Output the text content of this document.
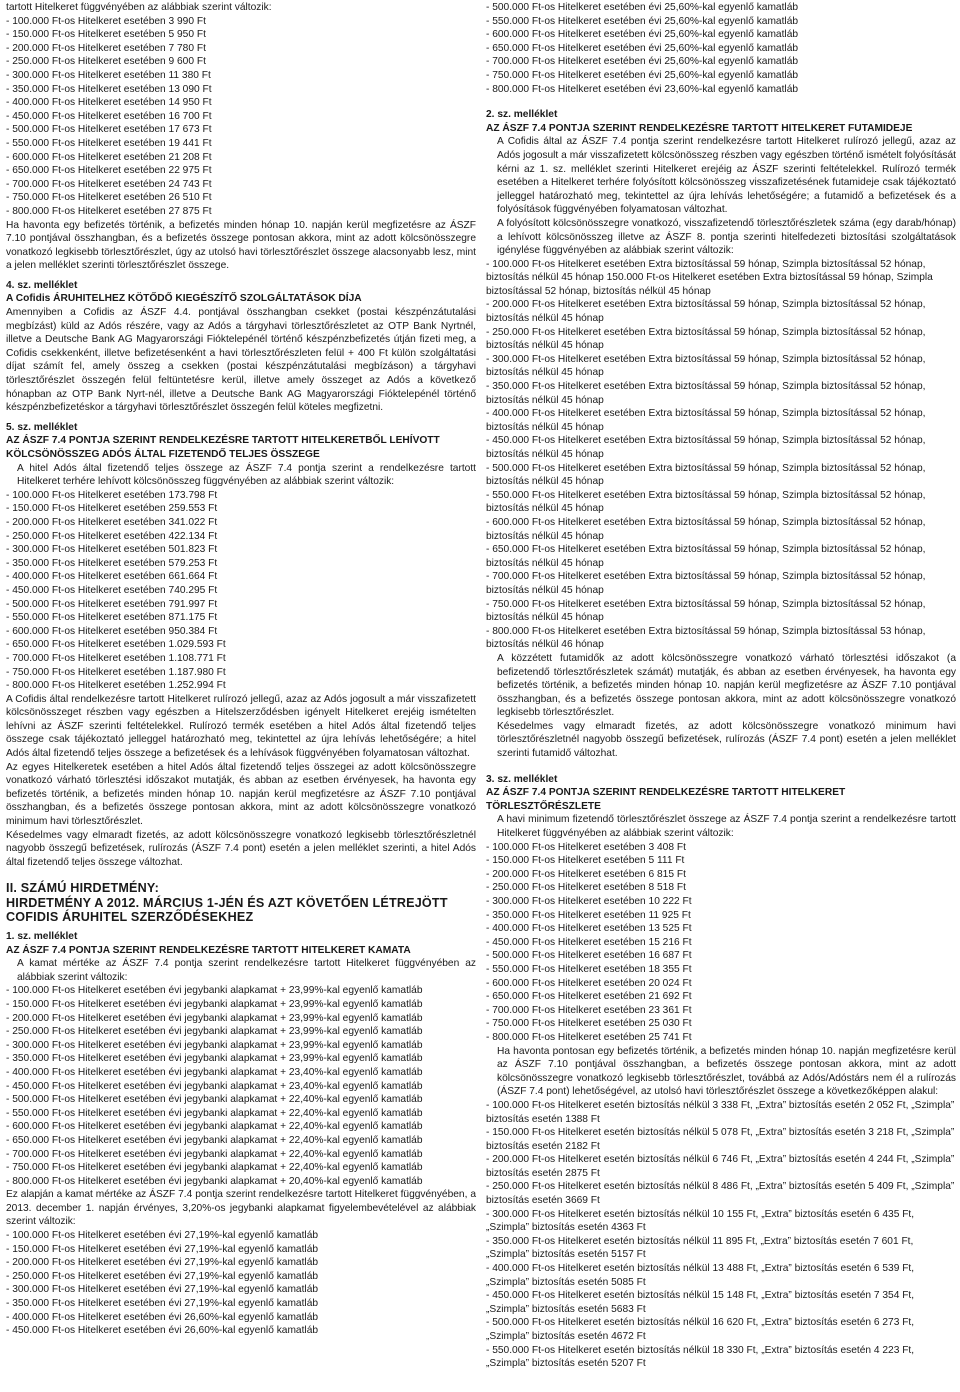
tartott Hitelkeret függvényében az alábbiak szerint változik:
- 100.000 Ft-os Hitelkeret esetében 3 990 Ft
- 150.000 Ft-os Hitelkeret esetében 5 950 Ft
- 200.000 Ft-os Hitelkeret esetében 7 780 Ft
- 250.000 Ft-os Hitelkeret esetében 9 600 Ft
- 300.000 Ft-os Hitelkeret esetében 11 380 Ft
- 350.000 Ft-os Hitelkeret esetében 13 090 Ft
- 400.000 Ft-os Hitelkeret esetében 14 950 Ft
- 450.000 Ft-os Hitelkeret esetében 16 700 Ft
- 500.000 Ft-os Hitelkeret esetében 17 673 Ft
- 550.000 Ft-os Hitelkeret esetében 19 441 Ft
- 600.000 Ft-os Hitelkeret esetében 21 208 Ft
- 650.000 Ft-os Hitelkeret esetében 22 975 Ft
- 700.000 Ft-os Hitelkeret esetében 24 743 Ft
- 750.000 Ft-os Hitelkeret esetében 26 510 Ft
- 800.000 Ft-os Hitelkeret esetében 27 875 Ft
Ha havonta egy befizetés történik, a befizetés minden hónap 10. napján kerül megfizetésre az ÁSZF 7.10 pontjával összhangban, és a befizetés összege pontosan akkora, mint az adott kölcsönösszegre vonatkozó legkisebb törlesztőrészlet, úgy az utolsó havi törlesztőrészlet összege alacsonyabb lesz, mint a jelen melléklet szerinti törlesztőrészlet összege.
4. sz. melléklet
A Cofidis ÁRUHITELHEZ KÖTŐDŐ KIEGÉSZÍTŐ SZOLGÁLTATÁSOK DÍJA
Amennyiben a Cofidis az ÁSZF 4.4. pontjával összhangban csekket (postai készpénzátutalási megbízást) küld az Adós részére, vagy az Adós a tárgyhavi törlesztőrészletet az OTP Bank Nyrtnél, illetve a Deutsche Bank AG Magyarországi Fióktelepénél történő készpénzbefizetés útján fizeti meg, a Cofidis csekkenként, illetve befizetésenként a havi törlesztőrészleten felül + 400 Ft külön szolgáltatási díjat számít fel, amely összeg a csekken (postai készpénzátutalási megbízáson) a tárgyhavi törlesztőrészlet összegén felül feltüntetésre kerül, illetve amely összeget az Adós a következő hónapban az OTP Bank Nyrt-nél, illetve a Deutsche Bank AG Magyarországi Fióktelepénél történő készpénzbefizetéskor a tárgyhavi törlesztőrészlet összegén felül köteles megfizetni.
5. sz. melléklet
AZ ÁSZF 7.4 PONTJA SZERINT RENDELKEZÉSRE TARTOTT HITELKERETBŐL LEHÍVOTT KÖLCSÖNÖSSZEG ADÓS ÁLTAL FIZETENDŐ TELJES ÖSSZEGE
A hitel Adós által fizetendő teljes összege az ÁSZF 7.4 pontja szerint a rendelkezésre tartott Hitelkeret terhére lehívott kölcsönösszeg függvényében az alábbiak szerint változik:
- 100.000 Ft-os Hitelkeret esetében 173.798 Ft
- 150.000 Ft-os Hitelkeret esetében 259.553 Ft
- 200.000 Ft-os Hitelkeret esetében 341.022 Ft
- 250.000 Ft-os Hitelkeret esetében 422.134 Ft
- 300.000 Ft-os Hitelkeret esetében 501.823 Ft
- 350.000 Ft-os Hitelkeret esetében 579.253 Ft
- 400.000 Ft-os Hitelkeret esetében 661.664 Ft
- 450.000 Ft-os Hitelkeret esetében 740.295 Ft
- 500.000 Ft-os Hitelkeret esetében 791.997 Ft
- 550.000 Ft-os Hitelkeret esetében 871.175 Ft
- 600.000 Ft-os Hitelkeret esetében 950.384 Ft
- 650.000 Ft-os Hitelkeret esetében 1.029.593 Ft
- 700.000 Ft-os Hitelkeret esetében 1.108.771 Ft
- 750.000 Ft-os Hitelkeret esetében 1.187.980 Ft
- 800.000 Ft-os Hitelkeret esetében 1.252.994 Ft
A Cofidis által rendelkezésre tartott Hitelkeret rulírozó jellegű, azaz az Adós jogosult a már visszafizetett kölcsönösszeget részben vagy egészben a Hitelszerződésben igényelt Hitelkeret erejéig ismételten lehívni az ÁSZF szerinti feltételekkel. Rulírozó termék esetében a hitel Adós által fizetendő teljes összege csak tájékoztató jelleggel határozható meg, tekintettel az újra lehívás lehetőségére; a hitel Adós által fizetendő teljes összege a befizetések és a lehívások függvényében folyamatosan változhat.
Az egyes Hitelkeretek esetében a hitel Adós által fizetendő teljes összegei az adott kölcsönösszegre vonatkozó várható törlesztési időszakot mutatják, és abban az esetben érvényesek, ha havonta egy befizetés történik, a befizetés minden hónap 10. napján kerül megfizetésre az ÁSZF 7.10 pontjával összhangban, és a befizetés összege pontosan akkora, mint az adott kölcsönösszegre vonatkozó minimum havi törlesztőrészlet.
Késedelmes vagy elmaradt fizetés, az adott kölcsönösszegre vonatkozó legkisebb törlesztőrészletnél nagyobb összegű befizetések, rulírozás (ÁSZF 7.4 pont) esetén a jelen melléklet szerinti, a hitel Adós által fizetendő teljes összege változhat.
II. SZÁMÚ HIRDETMÉNY:
HIRDETMÉNY A 2012. MÁRCIUS 1-JÉN ÉS AZT KÖVETŐEN LÉTREJÖTT COFIDIS ÁRUHITEL SZERZŐDÉSEKHEZ
1. sz. melléklet
AZ ÁSZF 7.4 PONTJA SZERINT RENDELKEZÉSRE TARTOTT HITELKERET KAMATA
A kamat mértéke az ÁSZF 7.4 pontja szerint rendelkezésre tartott Hitelkeret függvényében az alábbiak szerint változik:
- 100.000 Ft-os Hitelkeret esetében évi jegybanki alapkamat + 23,99%-kal egyenlő kamatláb
- 150.000 Ft-os Hitelkeret esetében évi jegybanki alapkamat + 23,99%-kal egyenlő kamatláb
- 200.000 Ft-os Hitelkeret esetében évi jegybanki alapkamat + 23,99%-kal egyenlő kamatláb
- 250.000 Ft-os Hitelkeret esetében évi jegybanki alapkamat + 23,99%-kal egyenlő kamatláb
- 300.000 Ft-os Hitelkeret esetében évi jegybanki alapkamat + 23,99%-kal egyenlő kamatláb
- 350.000 Ft-os Hitelkeret esetében évi jegybanki alapkamat + 23,99%-kal egyenlő kamatláb
- 400.000 Ft-os Hitelkeret esetében évi jegybanki alapkamat + 23,40%-kal egyenlő kamatláb
- 450.000 Ft-os Hitelkeret esetében évi jegybanki alapkamat + 23,40%-kal egyenlő kamatláb
- 500.000 Ft-os Hitelkeret esetében évi jegybanki alapkamat + 22,40%-kal egyenlő kamatláb
- 550.000 Ft-os Hitelkeret esetében évi jegybanki alapkamat + 22,40%-kal egyenlő kamatláb
- 600.000 Ft-os Hitelkeret esetében évi jegybanki alapkamat + 22,40%-kal egyenlő kamatláb
- 650.000 Ft-os Hitelkeret esetében évi jegybanki alapkamat + 22,40%-kal egyenlő kamatláb
- 700.000 Ft-os Hitelkeret esetében évi jegybanki alapkamat + 22,40%-kal egyenlő kamatláb
- 750.000 Ft-os Hitelkeret esetében évi jegybanki alapkamat + 22,40%-kal egyenlő kamatláb
- 800.000 Ft-os Hitelkeret esetében évi jegybanki alapkamat + 20,40%-kal egyenlő kamatláb
Ez alapján a kamat mértéke az ÁSZF 7.4 pontja szerint rendelkezésre tartott Hitelkeret függvényében, a 2013. december 1. napján érvényes, 3,20%-os jegybanki alapkamat figyelembevételével az alábbiak szerint változik:
- 100.000 Ft-os Hitelkeret esetében évi 27,19%-kal egyenlő kamatláb
- 150.000 Ft-os Hitelkeret esetében évi 27,19%-kal egyenlő kamatláb
- 200.000 Ft-os Hitelkeret esetében évi 27,19%-kal egyenlő kamatláb
- 250.000 Ft-os Hitelkeret esetében évi 27,19%-kal egyenlő kamatláb
- 300.000 Ft-os Hitelkeret esetében évi 27,19%-kal egyenlő kamatláb
- 350.000 Ft-os Hitelkeret esetében évi 27,19%-kal egyenlő kamatláb
- 400.000 Ft-os Hitelkeret esetében évi 26,60%-kal egyenlő kamatláb
- 450.000 Ft-os Hitelkeret esetében évi 26,60%-kal egyenlő kamatláb
- 500.000 Ft-os Hitelkeret esetében évi 25,60%-kal egyenlő kamatláb
- 550.000 Ft-os Hitelkeret esetében évi 25,60%-kal egyenlő kamatláb
- 600.000 Ft-os Hitelkeret esetében évi 25,60%-kal egyenlő kamatláb
- 650.000 Ft-os Hitelkeret esetében évi 25,60%-kal egyenlő kamatláb
- 700.000 Ft-os Hitelkeret esetében évi 25,60%-kal egyenlő kamatláb
- 750.000 Ft-os Hitelkeret esetében évi 25,60%-kal egyenlő kamatláb
- 800.000 Ft-os Hitelkeret esetében évi 23,60%-kal egyenlő kamatláb
2. sz. melléklet
AZ ÁSZF 7.4 PONTJA SZERINT RENDELKEZÉSRE TARTOTT HITELKERET FUTAMIDEJE
A Cofidis által az ÁSZF 7.4 pontja szerint rendelkezésre tartott Hitelkeret rulírozó jellegű, azaz az Adós jogosult a már visszafizetett kölcsönösszeg részben vagy egészben történő ismételt folyósítását kérni az 1. sz. melléklet szerinti Hitelkeret erejéig az ÁSZF szerinti feltételekkel. Rulírozó termék esetében a Hitelkeret terhére folyósított kölcsönösszeg visszafizetésének futamideje csak tájékoztató jelleggel határozható meg, tekintettel az újra lehívás lehetőségére; a futamidő a befizetések és a folyósítások függvényében folyamatosan változhat.
A folyósított kölcsönösszegre vonatkozó, visszafizetendő törlesztőrészletek száma (egy darab/hónap) a lehívott kölcsönösszeg illetve az ÁSZF 8. pontja szerinti hitelfedezeti biztosítási szolgáltatások igénylése függvényében az alábbiak szerint változik:
- 100.000 Ft-os Hitelkeret esetében Extra biztosítással 59 hónap, Szimpla biztosítással 52 hónap, biztosítás nélkül 45 hónap 150.000 Ft-os Hitelkeret esetében Extra biztosítással 59 hónap, Szimpla biztosítással 52 hónap, biztosítás nélkül 45 hónap
- 200.000 Ft-os Hitelkeret esetében Extra biztosítással 59 hónap, Szimpla biztosítással 52 hónap, biztosítás nélkül 45 hónap
- 250.000 Ft-os Hitelkeret esetében Extra biztosítással 59 hónap, Szimpla biztosítással 52 hónap, biztosítás nélkül 45 hónap
- 300.000 Ft-os Hitelkeret esetében Extra biztosítással 59 hónap, Szimpla biztosítással 52 hónap, biztosítás nélkül 45 hónap
- 350.000 Ft-os Hitelkeret esetében Extra biztosítással 59 hónap, Szimpla biztosítással 52 hónap, biztosítás nélkül 45 hónap
- 400.000 Ft-os Hitelkeret esetében Extra biztosítással 59 hónap, Szimpla biztosítással 52 hónap, biztosítás nélkül 45 hónap
- 450.000 Ft-os Hitelkeret esetében Extra biztosítással 59 hónap, Szimpla biztosítással 52 hónap, biztosítás nélkül 45 hónap
- 500.000 Ft-os Hitelkeret esetében Extra biztosítással 59 hónap, Szimpla biztosítással 52 hónap, biztosítás nélkül 45 hónap
- 550.000 Ft-os Hitelkeret esetében Extra biztosítással 59 hónap, Szimpla biztosítással 52 hónap, biztosítás nélkül 45 hónap
- 600.000 Ft-os Hitelkeret esetében Extra biztosítással 59 hónap, Szimpla biztosítással 52 hónap, biztosítás nélkül 45 hónap
- 650.000 Ft-os Hitelkeret esetében Extra biztosítással 59 hónap, Szimpla biztosítással 52 hónap, biztosítás nélkül 45 hónap
- 700.000 Ft-os Hitelkeret esetében Extra biztosítással 59 hónap, Szimpla biztosítással 52 hónap, biztosítás nélkül 45 hónap
- 750.000 Ft-os Hitelkeret esetében Extra biztosítással 59 hónap, Szimpla biztosítással 52 hónap, biztosítás nélkül 45 hónap
- 800.000 Ft-os Hitelkeret esetében Extra biztosítással 59 hónap, Szimpla biztosítással 53 hónap, biztosítás nélkül 46 hónap
A közzétett futamidők az adott kölcsönösszegre vonatkozó várható törlesztési időszakot (a befizetendő törlesztőrészletek számát) mutatják, és abban az esetben érvényesek, ha havonta egy befizetés történik, a befizetés minden hónap 10. napján kerül megfizetésre az ÁSZF 7.10 pontjával összhangban, és a befizetés összege pontosan akkora, mint az adott kölcsönösszegre vonatkozó legkisebb törlesztőrészlet.
Késedelmes vagy elmaradt fizetés, az adott kölcsönösszegre vonatkozó minimum havi törlesztőrészletnél nagyobb összegű befizetések, rulírozás (ÁSZF 7.4 pont) esetén a jelen melléklet szerinti futamidő változhat.
3. sz. melléklet
AZ ÁSZF 7.4 PONTJA SZERINT RENDELKEZÉSRE TARTOTT HITELKERET TÖRLESZTŐRÉSZLETE
A havi minimum fizetendő törlesztőrészlet összege az ÁSZF 7.4 pontja szerint a rendelkezésre tartott Hitelkeret függvényében az alábbiak szerint változik:
- 100.000 Ft-os Hitelkeret esetében 3 408 Ft
- 150.000 Ft-os Hitelkeret esetében 5 111 Ft
- 200.000 Ft-os Hitelkeret esetében 6 815 Ft
- 250.000 Ft-os Hitelkeret esetében 8 518 Ft
- 300.000 Ft-os Hitelkeret esetében 10 222 Ft
- 350.000 Ft-os Hitelkeret esetében 11 925 Ft
- 400.000 Ft-os Hitelkeret esetében 13 525 Ft
- 450.000 Ft-os Hitelkeret esetében 15 216 Ft
- 500.000 Ft-os Hitelkeret esetében 16 687 Ft
- 550.000 Ft-os Hitelkeret esetében 18 355 Ft
- 600.000 Ft-os Hitelkeret esetében 20 024 Ft
- 650.000 Ft-os Hitelkeret esetében 21 692 Ft
- 700.000 Ft-os Hitelkeret esetében 23 361 Ft
- 750.000 Ft-os Hitelkeret esetében 25 030 Ft
- 800.000 Ft-os Hitelkeret esetében 25 741 Ft
Ha havonta pontosan egy befizetés történik, a befizetés minden hónap 10. napján megfizetésre kerül az ÁSZF 7.10 pontjával összhangban, a befizetés összege pontosan akkora, mint az adott kölcsönösszegre vonatkozó legkisebb törlesztőrészlet, továbbá az Adós/Adóstárs nem él a rulírozás (ÁSZF 7.4 pont) lehetőségével, az utolsó havi törlesztőrészlet összege a következőképpen alakul:
- 100.000 Ft-os Hitelkeret esetén biztosítás nélkül 3 338 Ft, „Extra” biztosítás esetén 2 052 Ft, „Szimpla” biztosítás esetén 1388 Ft
- 150.000 Ft-os Hitelkeret esetén biztosítás nélkül 5 078 Ft, „Extra” biztosítás esetén 3 218 Ft, „Szimpla” biztosítás esetén 2182 Ft
- 200.000 Ft-os Hitelkeret esetén biztosítás nélkül 6 746 Ft, „Extra” biztosítás esetén 4 244 Ft, „Szimpla” biztosítás esetén 2875 Ft
- 250.000 Ft-os Hitelkeret esetén biztosítás nélkül 8 486 Ft, „Extra” biztosítás esetén 5 409 Ft, „Szimpla” biztosítás esetén 3669 Ft
- 300.000 Ft-os Hitelkeret esetén biztosítás nélkül 10 155 Ft, „Extra” biztosítás esetén 6 435 Ft, „Szimpla” biztosítás esetén 4363 Ft
- 350.000 Ft-os Hitelkeret esetén biztosítás nélkül 11 895 Ft, „Extra” biztosítás esetén 7 601 Ft, „Szimpla” biztosítás esetén 5157 Ft
- 400.000 Ft-os Hitelkeret esetén biztosítás nélkül 13 488 Ft, „Extra” biztosítás esetén 6 539 Ft, „Szimpla” biztosítás esetén 5085 Ft
- 450.000 Ft-os Hitelkeret esetén biztosítás nélkül 15 148 Ft, „Extra” biztosítás esetén 7 354 Ft, „Szimpla” biztosítás esetén 5683 Ft
- 500.000 Ft-os Hitelkeret esetén biztosítás nélkül 16 620 Ft, „Extra” biztosítás esetén 6 273 Ft, „Szimpla” biztosítás esetén 4672 Ft
- 550.000 Ft-os Hitelkeret esetén biztosítás nélkül 18 330 Ft, „Extra” biztosítás esetén 4 223 Ft, „Szimpla” biztosítás esetén 5207 Ft
